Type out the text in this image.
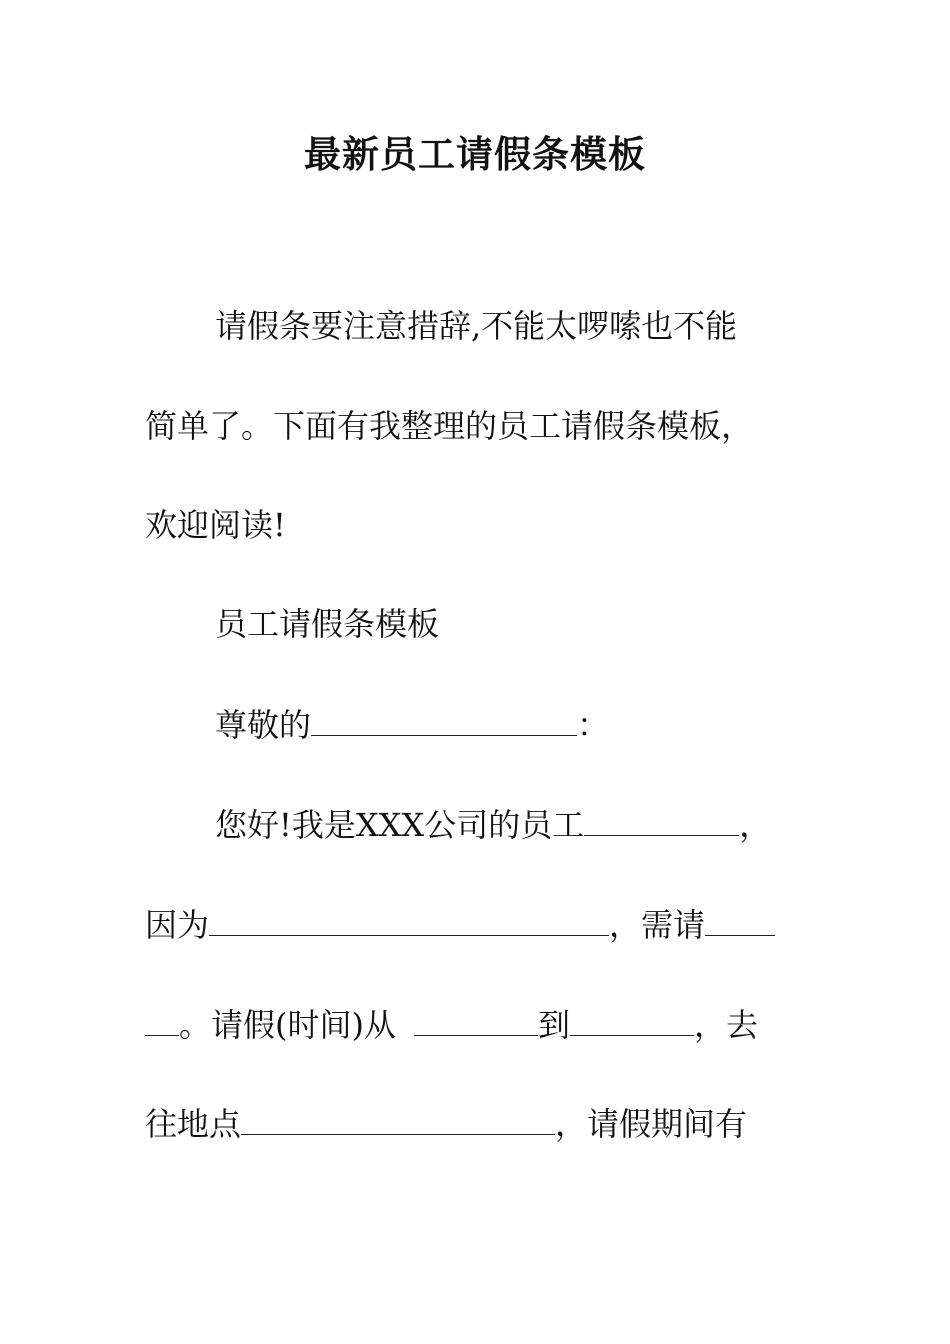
最新员工请假条模板

请假条要注意措辞,不能太啰嗦也不能

简单了。下面有我整理的员工请假条模板，

欢迎阅读!

员工请假条模板

尊敬的	：

您好!我是XXX公司的员工	，

因为	，需请

。请假(时间)从	到	，去

往地点	，请假期间有
